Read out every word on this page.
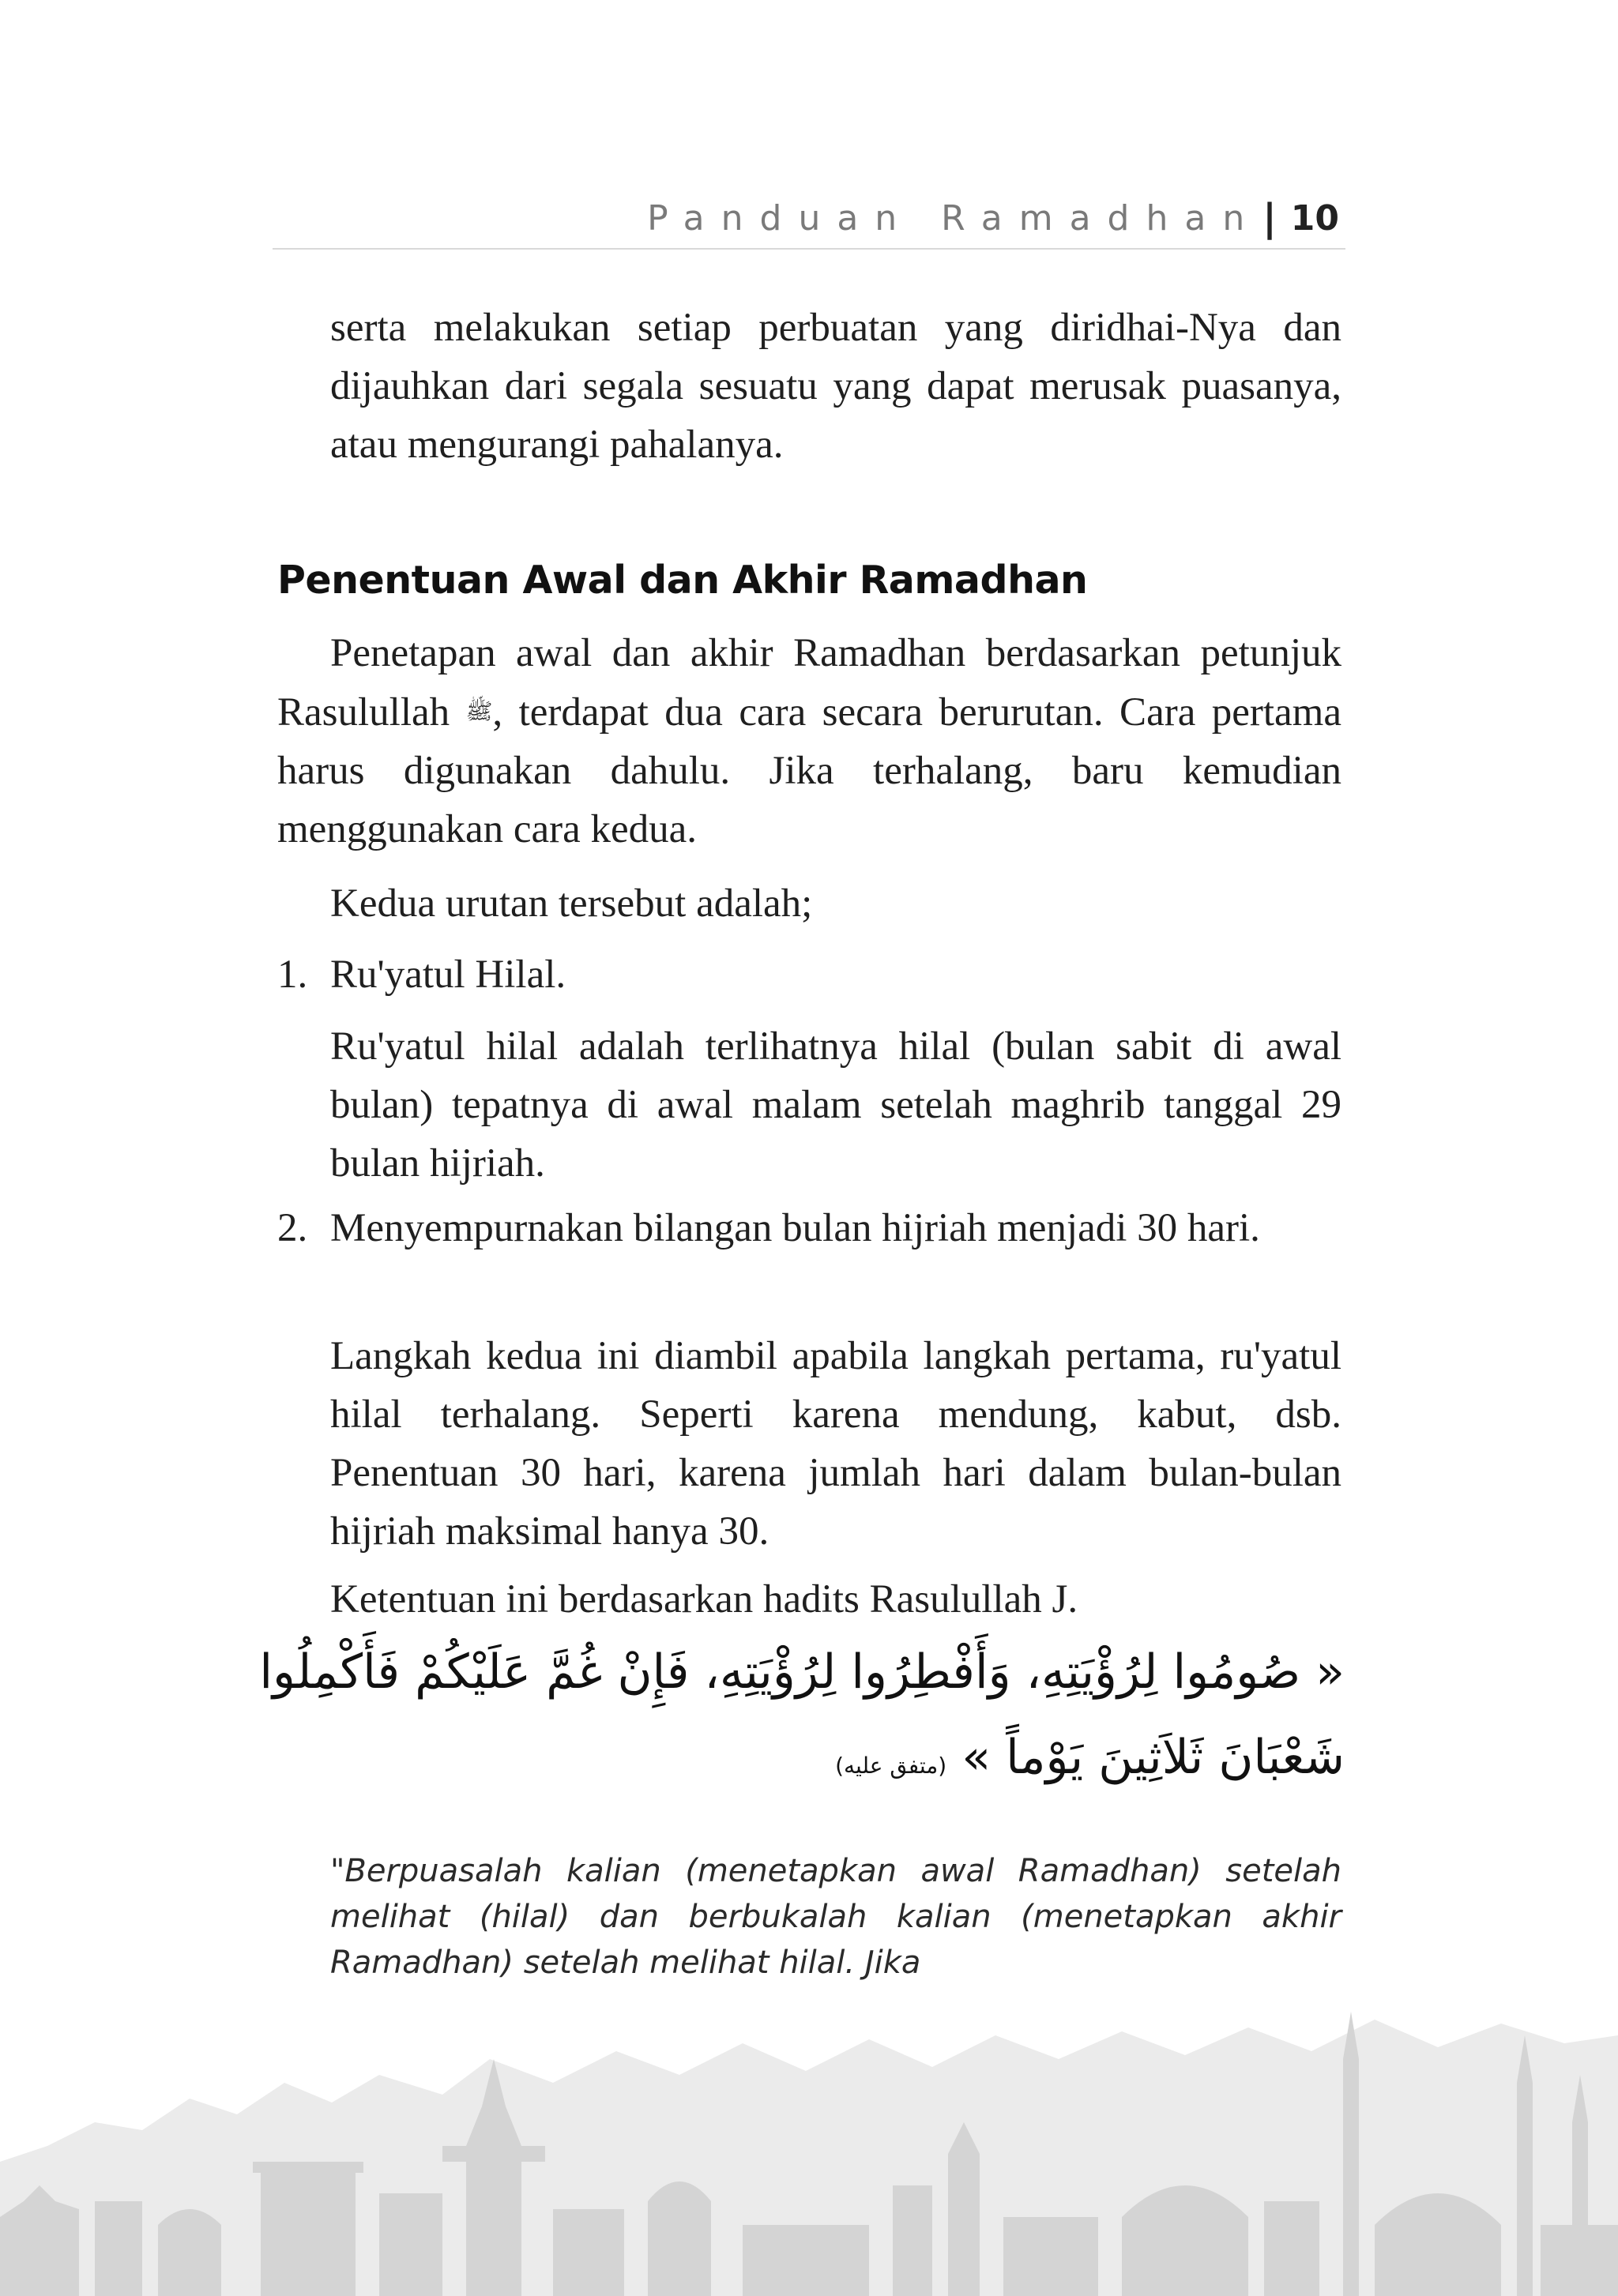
Panduan Ramadhan | 10

serta melakukan setiap perbuatan yang diridhai-Nya dan dijauhkan dari segala sesuatu yang dapat merusak puasanya, atau mengurangi pahalanya.

Penentuan Awal dan Akhir Ramadhan

Penetapan awal dan akhir Ramadhan berdasarkan petunjuk Rasulullah ﷺ, terdapat dua cara secara berurutan. Cara pertama harus digunakan dahulu. Jika terhalang, baru kemudian menggunakan cara kedua.

Kedua urutan tersebut adalah;

1. Ru'yatul Hilal.

Ru'yatul hilal adalah terlihatnya hilal (bulan sabit di awal bulan) tepatnya di awal malam setelah maghrib tanggal 29 bulan hijriah.

2. Menyempurnakan bilangan bulan hijriah menjadi 30 hari.

Langkah kedua ini diambil apabila langkah pertama, ru'yatul hilal terhalang. Seperti karena mendung, kabut, dsb. Penentuan 30 hari, karena jumlah hari dalam bulan-bulan hijriah maksimal hanya 30.

Ketentuan ini berdasarkan hadits Rasulullah J.

« صُومُوا لِرُؤْيَتِهِ، وَأَفْطِرُوا لِرُؤْيَتِهِ، فَإِنْ غُمَّ عَلَيْكُمْ فَأَكْمِلُوا
شَعْبَانَ ثَلاَثِينَ يَوْماً » (متفق عليه)

"Berpuasalah kalian (menetapkan awal Ramadhan) setelah melihat (hilal) dan berbukalah kalian (menetapkan akhir Ramadhan) setelah melihat hilal. Jika
